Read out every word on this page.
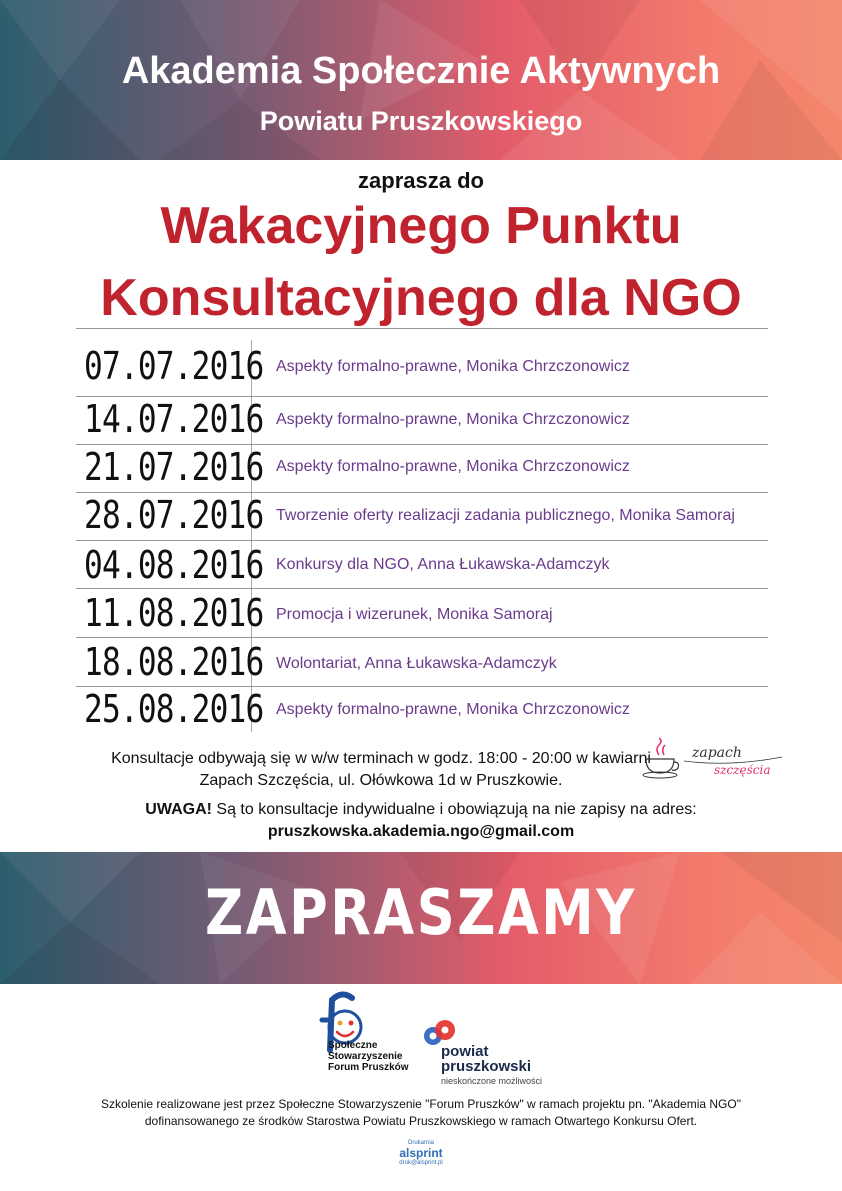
Akademia Społecznie Aktywnych
Powiatu Pruszkowskiego
zaprasza do
Wakacyjnego Punktu
Konsultacyjnego dla NGO
07.07.2016 Aspekty formalno-prawne, Monika Chrzczonowicz
14.07.2016 Aspekty formalno-prawne, Monika Chrzczonowicz
21.07.2016 Aspekty formalno-prawne, Monika Chrzczonowicz
28.07.2016 Tworzenie oferty realizacji zadania publicznego, Monika Samoraj
04.08.2016 Konkursy dla NGO, Anna Łukawska-Adamczyk
11.08.2016 Promocja i wizerunek, Monika Samoraj
18.08.2016 Wolontariat, Anna Łukawska-Adamczyk
25.08.2016 Aspekty formalno-prawne, Monika Chrzczonowicz
Konsultacje odbywają się w w/w terminach w godz. 18:00 - 20:00 w kawiarni
Zapach Szczęścia, ul. Ołówkowa 1d w Pruszkowie.
UWAGA! Są to konsultacje indywidualne i obowiązują na nie zapisy na adres:
pruszkowska.akademia.ngo@gmail.com
zapach
szczęścia
ZAPRASZAMY
Społeczne
Stowarzyszenie
Forum Pruszków
powiat
pruszkowski
nieskończone możliwości
Szkolenie realizowane jest przez Społeczne Stowarzyszenie "Forum Pruszków" w ramach projektu pn. "Akademia NGO"
dofinansowanego ze środków Starostwa Powiatu Pruszkowskiego w ramach Otwartego Konkursu Ofert.
Drukarnia
alsprint
druk@alsprint.pl
